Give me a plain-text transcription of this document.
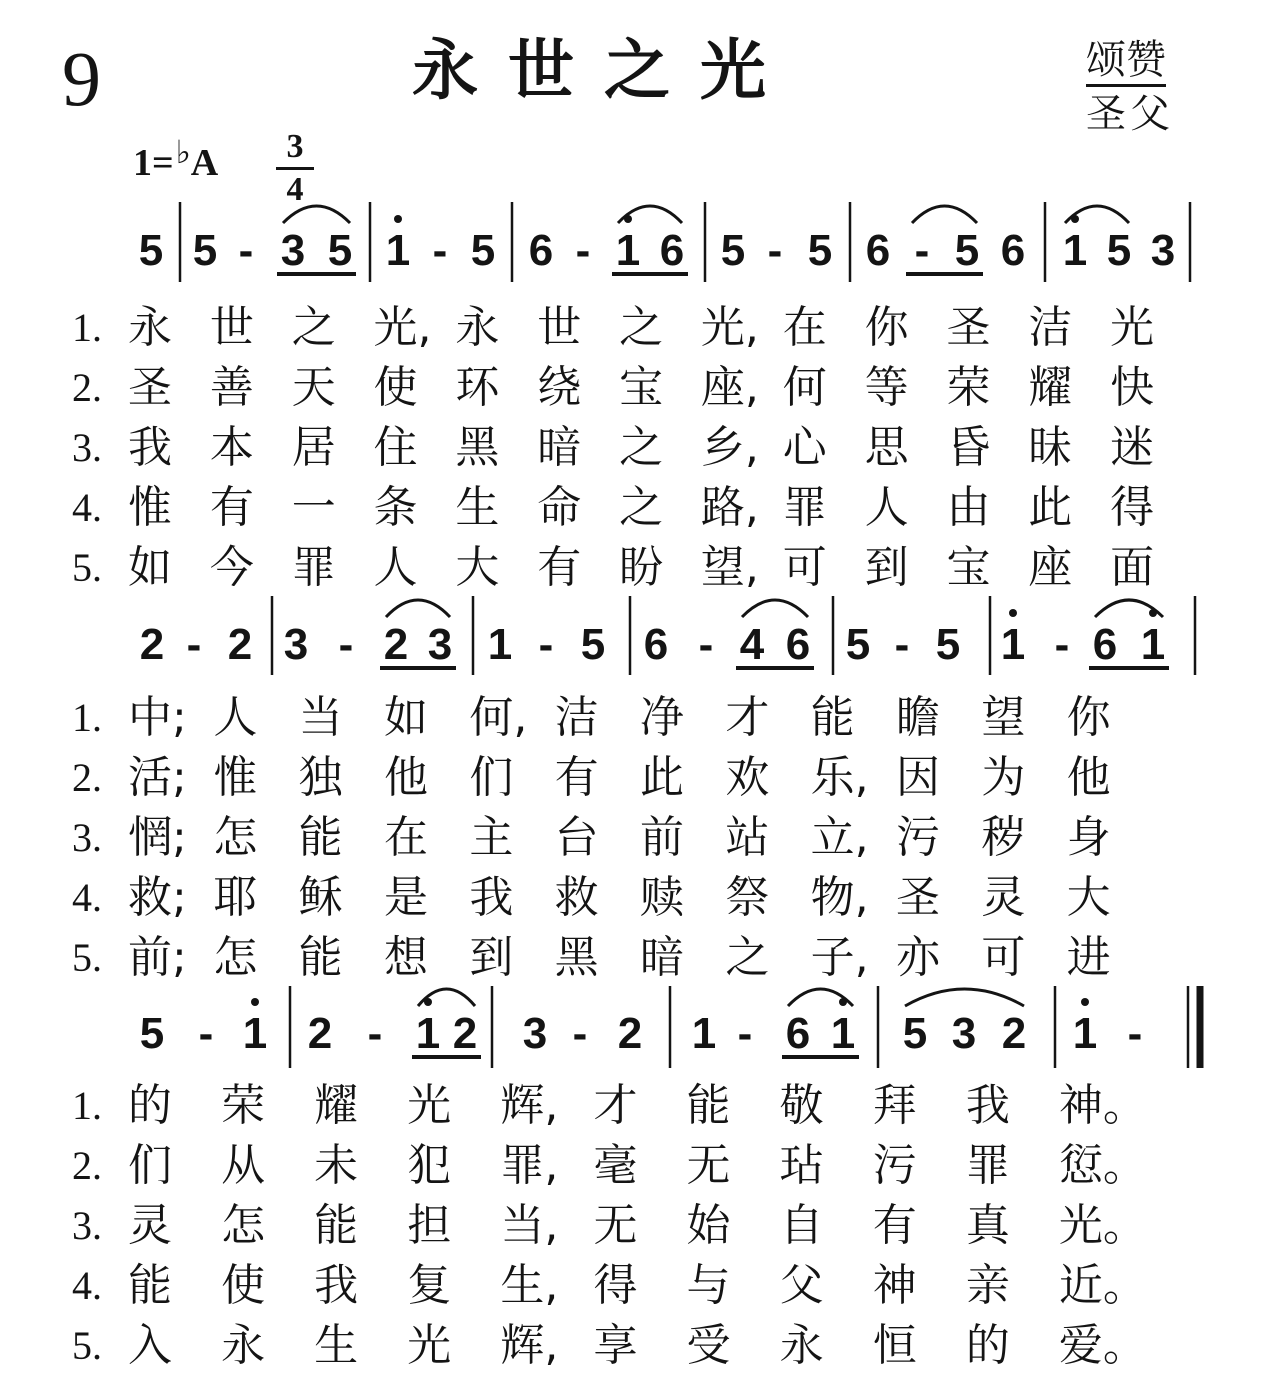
9	永世之光	颂赞
圣父
1=♭A	3
4
5 5 - 3 5 1 - 5 6 - 1 6 5 - 5 6 - 5 6 1 5 3
2 - 2 3 - 2 3 1 - 5 6 - 4 6 5 - 5 1 - 6 1
5 - 1 2 - 1 2 3 - 2 1 - 6 1 5 3 2 1 -
1. 永 世 之 光, 永 世 之 光, 在 你 圣 洁 光
2. 圣 善 天 使 环 绕 宝 座, 何 等 荣 耀 快
3. 我 本 居 住 黑 暗 之 乡, 心 思 昏 昧 迷
4. 惟 有 一 条 生 命 之 路, 罪 人 由 此 得
5. 如 今 罪 人 大 有 盼 望, 可 到 宝 座 面
1. 中; 人 当 如 何, 洁 净 才 能 瞻 望 你
2. 活; 惟 独 他 们 有 此 欢 乐, 因 为 他
3. 惘; 怎 能 在 主 台 前 站 立, 污 秽 身
4. 救; 耶 稣 是 我 救 赎 祭 物, 圣 灵 大
5. 前; 怎 能 想 到 黑 暗 之 子, 亦 可 进
1. 的	荣	耀	光	辉, 才	能	敬	拜	我	神。
2. 们	从	未	犯	罪, 毫	无	玷	污	罪	愆。
3. 灵	怎	能	担	当, 无	始	自	有	真	光。
4. 能	使	我	复	生, 得	与	父	神	亲	近。
5. 入	永	生	光	辉, 享	受	永	恒	的	爱。
